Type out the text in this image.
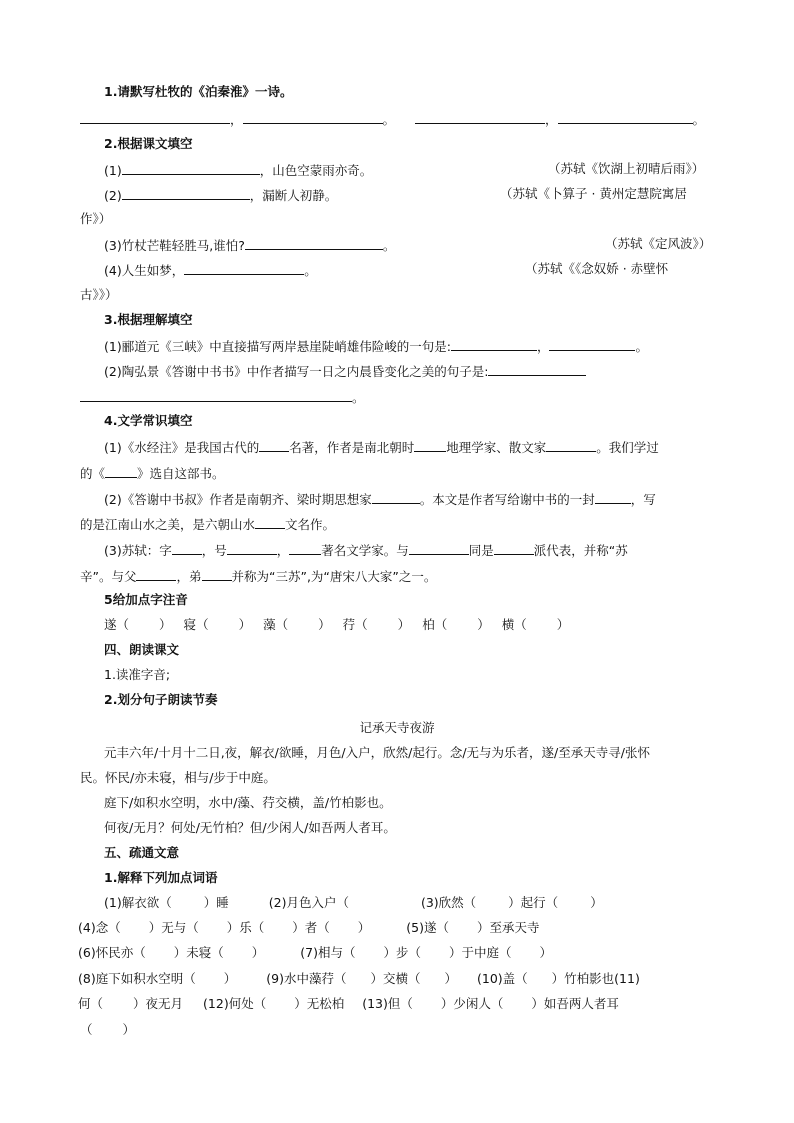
1.请默写杜牧的《泊秦淮》一诗。
，	。	，	。
2.根据课文填空
(1)	，山色空蒙雨亦奇。	（苏轼《饮湖上初晴后雨》）
(2)	，漏断人初静。	（苏轼《卜算子 · 黄州定慧院寓居
作》）
(3)竹杖芒鞋轻胜马,谁怕?	。	（苏轼《定风波》）
(4)人生如梦，	。	（苏轼《《念奴娇 · 赤壁怀
古》》）
3.根据理解填空
(1)郦道元《三峡》中直接描写两岸悬崖陡峭雄伟险峻的一句是:	，	。
(2)陶弘景《答谢中书书》中作者描写一日之内晨昏变化之美的句子是:
。
4.文学常识填空
(1)《水经注》是我国古代的 名著，作者是南北朝时	地理学家、散文家	。我们学过
的《	》选自这部书。
(2)《答谢中书叔》作者是南朝齐、梁时期思想家	。本文是作者写给谢中书的一封	，写
的是江南山水之美，是六朝山水 文名作。
(3)苏轼：字 ，号	，	著名文学家。与	同是	派代表，并称“苏
辛”。与父	，弟 并称为“三苏”,为“唐宋八大家”之一。
5给加点字注音
遂（ ） 寝（ ） 藻（ ） 荇（ ） 柏（ ） 横（ ）
四、朗读课文
1.读准字音;
2.划分句子朗读节奏
记承天寺夜游
元丰六年/十月十二日,夜，解衣/欲睡，月色/入户，欣然/起行。念/无与为乐者，遂/至承天寺寻/张怀
民。怀民/亦未寝，相与/步于中庭。
庭下/如积水空明，水中/藻、荇交横，盖/竹柏影也。
何夜/无月？何处/无竹柏？但/少闲人/如吾两人者耳。
五、疏通文意
1.解释下列加点词语
(1)解衣欲（	）睡	(2)月色入户（	(3)欣然（	）起行（	）
(4)念（ ）无与（ ）乐（ ）者（ ）	(5)遂（ ）至承天寺
(6)怀民亦（ ）未寝（ ）	(7)相与（ ）步（ ）于中庭（ ）
(8)庭下如积水空明（ ） (9)水中藻荇（ ）交横（ ） (10)盖（ ）竹柏影也(11)
何（ ）夜无月 (12)何处（ ）无松柏 (13)但（ ）少闲人（ ）如吾两人者耳
（ ）
